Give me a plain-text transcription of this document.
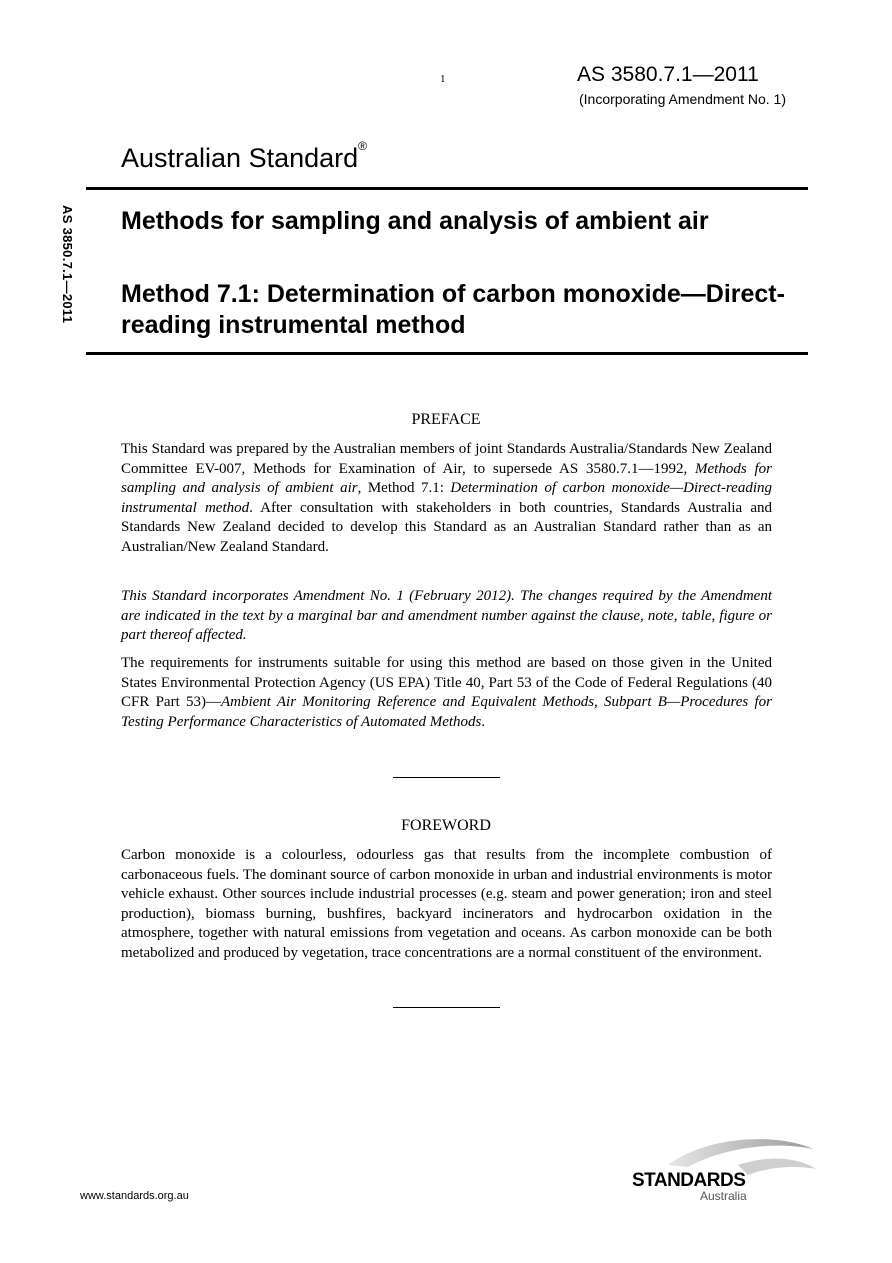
1	AS 3580.7.1—2011
(Incorporating Amendment No. 1)
Australian Standard®
AS 3850.7.1—2011 Methods for sampling and analysis of ambient air
Method 7.1: Determination of carbon monoxide—Direct-reading instrumental method
PREFACE

This Standard was prepared by the Australian members of joint Standards Australia/Standards New Zealand Committee EV-007, Methods for Examination of Air, to supersede AS 3580.7.1—1992, Methods for sampling and analysis of ambient air, Method 7.1: Determination of carbon monoxide—Direct-reading instrumental method. After consultation with stakeholders in both countries, Standards Australia and Standards New Zealand decided to develop this Standard as an Australian Standard rather than as an Australian/New Zealand Standard.

This Standard incorporates Amendment No. 1 (February 2012). The changes required by the Amendment are indicated in the text by a marginal bar and amendment number against the clause, note, table, figure or part thereof affected.

The requirements for instruments suitable for using this method are based on those given in the United States Environmental Protection Agency (US EPA) Title 40, Part 53 of the Code of Federal Regulations (40 CFR Part 53)—Ambient Air Monitoring Reference and Equivalent Methods, Subpart B—Procedures for Testing Performance Characteristics of Automated Methods.

FOREWORD

Carbon monoxide is a colourless, odourless gas that results from the incomplete combustion of carbonaceous fuels. The dominant source of carbon monoxide in urban and industrial environments is motor vehicle exhaust. Other sources include industrial processes (e.g. steam and power generation; iron and steel production), biomass burning, bushfires, backyard incinerators and hydrocarbon oxidation in the atmosphere, together with natural emissions from vegetation and oceans. As carbon monoxide can be both metabolized and produced by vegetation, trace concentrations are a normal constituent of the environment.

www.standards.org.au
STANDARDS
Australia
